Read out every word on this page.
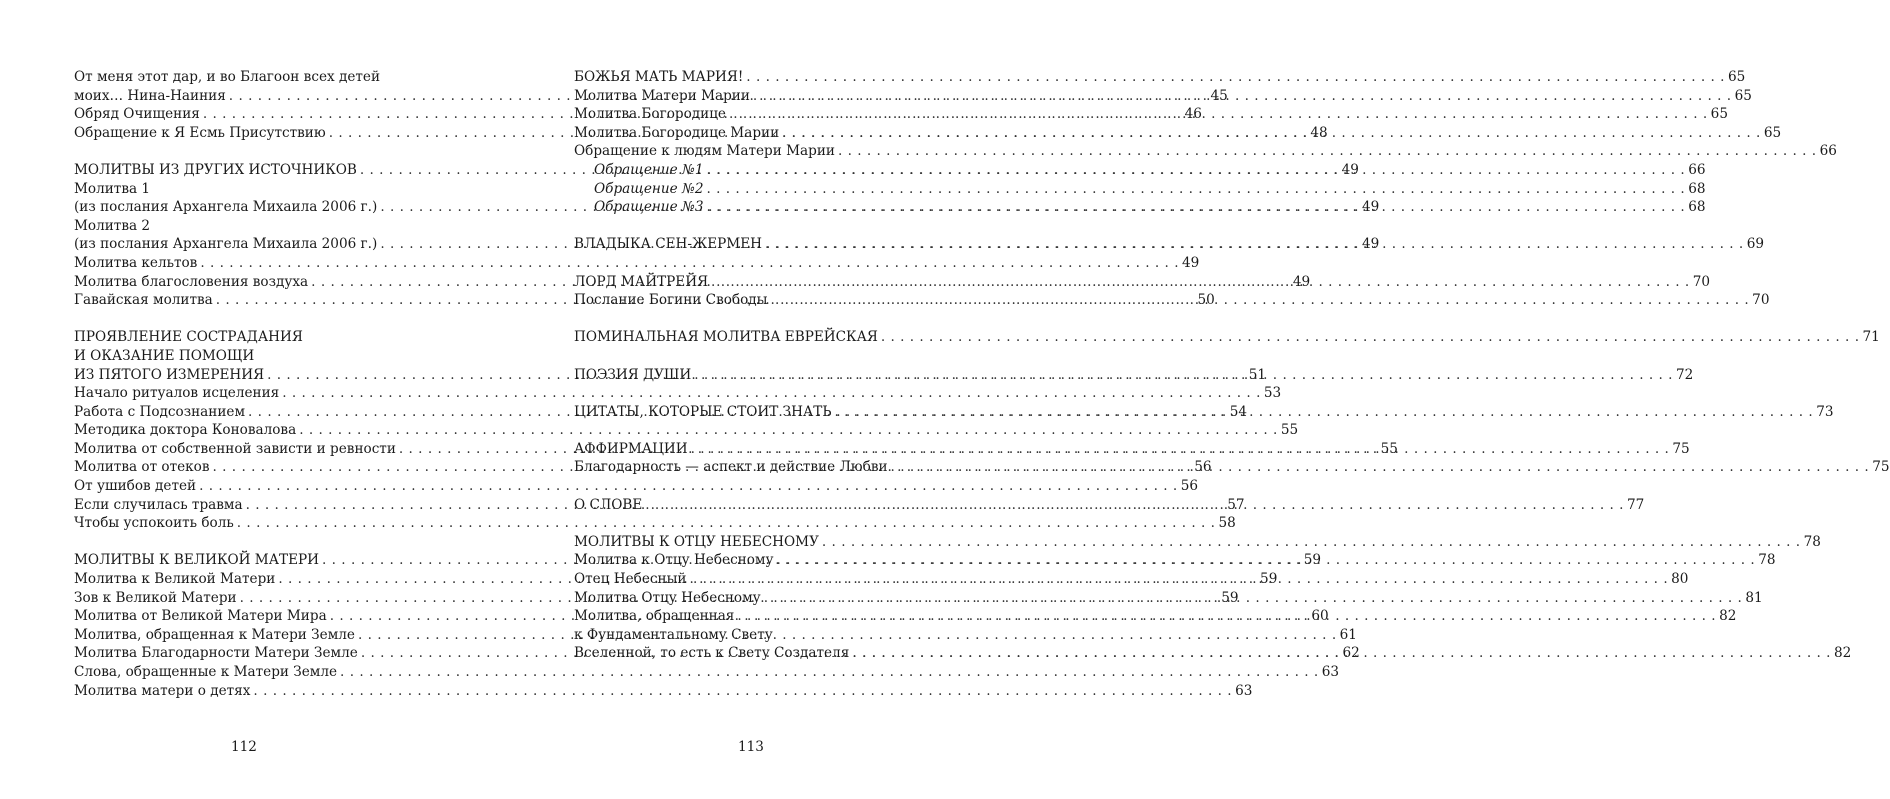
От меня этот дар, и во Благоон всех детей
моих… Нина-Наиния . . .	45
Обряд Очищения . . .	46
Обращение к Я Есмь Присутствию . . .	48
МОЛИТВЫ ИЗ ДРУГИХ ИСТОЧНИКОВ . . .	49
Молитва 1
(из послания Архангела Михаила 2006 г.) . . .	49
Молитва 2
(из послания Архангела Михаила 2006 г.) . . .	49
Молитва кельтов . . .	49
Молитва благословения воздуха . . .	49
Гавайская молитва . . .	50
ПРОЯВЛЕНИЕ СОСТРАДАНИЯ
И ОКАЗАНИЕ ПОМОЩИ
ИЗ ПЯТОГО ИЗМЕРЕНИЯ . . .	51
Начало ритуалов исцеления . . .	53
Работа с Подсознанием . . .	54
Методика доктора Коновалова . . .	55
Молитва от собственной зависти и ревности . . .	55
Молитва от отеков . . .	56
От ушибов детей . . .	56
Если случилась травма . . .	57
Чтобы успокоить боль . . .	58
МОЛИТВЫ К ВЕЛИКОЙ МАТЕРИ . . .	59
Молитва к Великой Матери . . .	59
Зов к Великой Матери . . .	59
Молитва от Великой Матери Мира . . .	60
Молитва, обращенная к Матери Земле . . .	61
Молитва Благодарности Матери Земле . . .	62
Слова, обращенные к Матери Земле . . .	63
Молитва матери о детях . . .	63
112
БОЖЬЯ МАТЬ МАРИЯ! . . .	65
Молитва Матери Марии . . .	65
Молитва Богородице . . .	65
Молитва Богородице Марии . . .	65
Обращение к людям Матери Марии . . .	66
Обращение №1 . . .	66
Обращение №2 . . .	68
Обращение №3 . . .	68
ВЛАДЫКА СЕН-ЖЕРМЕН . . .	69
ЛОРД МАЙТРЕЙЯ . . .	70
Послание Богини Свободы . . .	70
ПОМИНАЛЬНАЯ МОЛИТВА ЕВРЕЙСКАЯ . . .	71
ПОЭЗИЯ ДУШИ . . .	72
ЦИТАТЫ, КОТОРЫЕ СТОИТ ЗНАТЬ . . .	73
АФФИРМАЦИИ . . .	75
Благодарность — аспект и действие Любви . . .	75
О СЛОВЕ . . .	77
МОЛИТВЫ К ОТЦУ НЕБЕСНОМУ . . .	78
Молитва к Отцу Небесному . . .	78
Отец Небесный . . .	80
Молитва Отцу Небесному . . .	81
Молитва, обращенная . . .	82
к Фундаментальному Свету
Вселенной, то есть к Свету Создателя . . .	82
113
